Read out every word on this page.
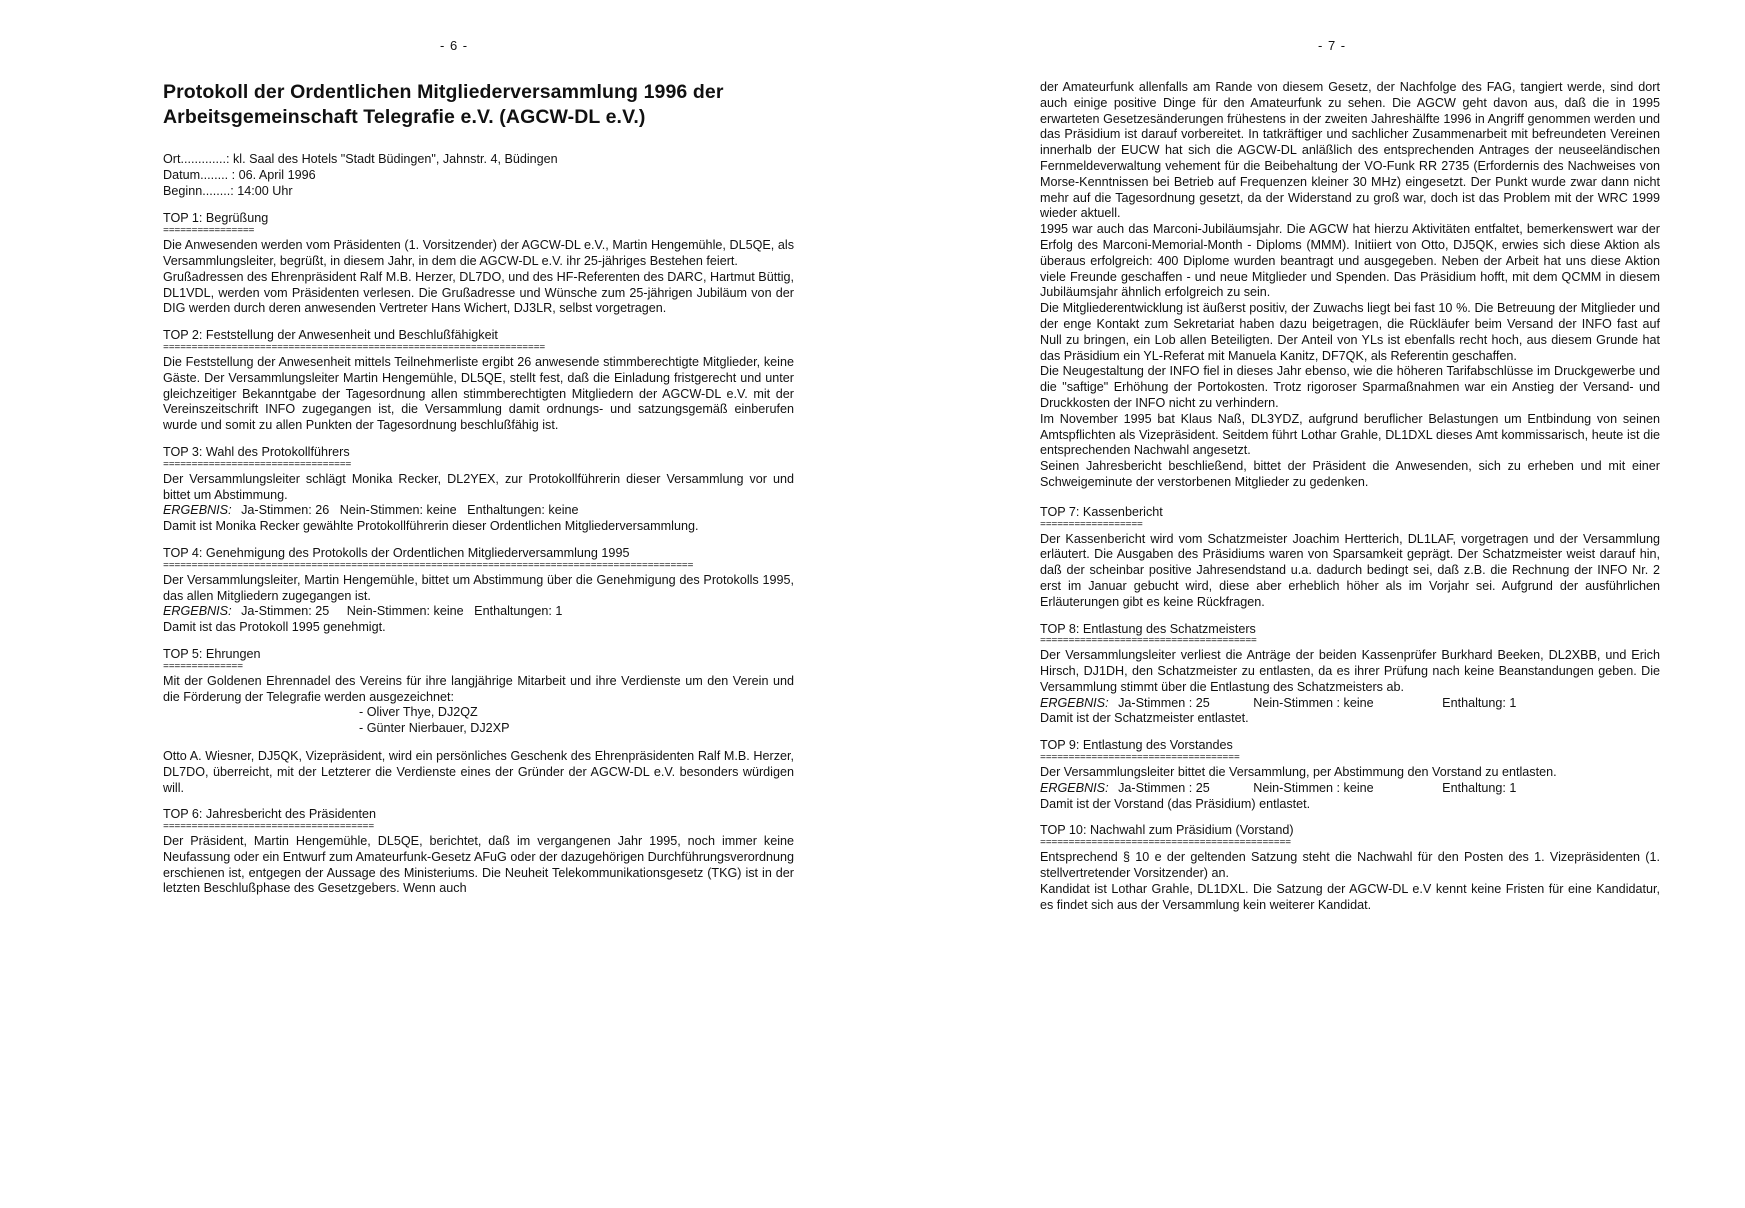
- 6 -	- 7 -
Protokoll der Ordentlichen Mitgliederversammlung 1996 der Arbeitsgemeinschaft Telegrafie e.V. (AGCW-DL e.V.)
Ort.............: kl. Saal des Hotels "Stadt Büdingen", Jahnstr. 4, Büdingen
Datum........ : 06. April 1996
Beginn........: 14:00 Uhr
TOP 1: Begrüßung
================

Die Anwesenden werden vom Präsidenten (1. Vorsitzender) der AGCW-DL e.V., Martin Hengemühle, DL5QE, als Versammlungsleiter, begrüßt, in diesem Jahr, in dem die AGCW-DL e.V. ihr 25-jähriges Bestehen feiert.

Grußadressen des Ehrenpräsident Ralf M.B. Herzer, DL7DO, und des HF-Referenten des DARC, Hartmut Büttig, DL1VDL, werden vom Präsidenten verlesen. Die Grußadresse und Wünsche zum 25-jährigen Jubiläum von der DIG werden durch deren anwesenden Vertreter Hans Wichert, DJ3LR, selbst vorgetragen.

TOP 2: Feststellung der Anwesenheit und Beschlußfähigkeit
===================================================================

Die Feststellung der Anwesenheit mittels Teilnehmerliste ergibt 26 anwesende stimmberechtigte Mitglieder, keine Gäste. Der Versammlungsleiter Martin Hengemühle, DL5QE, stellt fest, daß die Einladung fristgerecht und unter gleichzeitiger Bekanntgabe der Tagesordnung allen stimmberechtigten Mitgliedern der AGCW-DL e.V. mit der Vereinszeitschrift INFO zugegangen ist, die Versammlung damit ordnungs- und satzungsgemäß einberufen wurde und somit zu allen Punkten der Tagesordnung beschlußfähig ist.

TOP 3: Wahl des Protokollführers
=================================

Der Versammlungsleiter schlägt Monika Recker, DL2YEX, zur Protokollführerin dieser Versammlung vor und bittet um Abstimmung.

ERGEBNIS: Ja-Stimmen: 26 Nein-Stimmen: keine Enthaltungen: keine

Damit ist Monika Recker gewählte Protokollführerin dieser Ordentlichen Mitgliederversammlung.

TOP 4: Genehmigung des Protokolls der Ordentlichen Mitgliederversammlung 1995
=============================================================================================

Der Versammlungsleiter, Martin Hengemühle, bittet um Abstimmung über die Genehmigung des Protokolls 1995, das allen Mitgliedern zugegangen ist.

ERGEBNIS: Ja-Stimmen: 25 Nein-Stimmen: keine Enthaltungen: 1

Damit ist das Protokoll 1995 genehmigt.

TOP 5: Ehrungen
==============

Mit der Goldenen Ehrennadel des Vereins für ihre langjährige Mitarbeit und ihre Verdienste um den Verein und die Förderung der Telegrafie werden ausgezeichnet:

- Oliver Thye, DJ2QZ
- Günter Nierbauer, DJ2XP

Otto A. Wiesner, DJ5QK, Vizepräsident, wird ein persönliches Geschenk des Ehrenpräsidenten Ralf M.B. Herzer, DL7DO, überreicht, mit der Letzterer die Verdienste eines der Gründer der AGCW-DL e.V. besonders würdigen will.

TOP 6: Jahresbericht des Präsidenten
=====================================

Der Präsident, Martin Hengemühle, DL5QE, berichtet, daß im vergangenen Jahr 1995, noch immer keine Neufassung oder ein Entwurf zum Amateurfunk-Gesetz AFuG oder der dazugehörigen Durchführungsverordnung erschienen ist, entgegen der Aussage des Ministeriums. Die Neuheit Telekommunikationsgesetz (TKG) ist in der letzten Beschlußphase des Gesetzgebers. Wenn auch

der Amateurfunk allenfalls am Rande von diesem Gesetz, der Nachfolge des FAG, tangiert werde, sind dort auch einige positive Dinge für den Amateurfunk zu sehen. Die AGCW geht davon aus, daß die in 1995 erwarteten Gesetzesänderungen frühestens in der zweiten Jahreshälfte 1996 in Angriff genommen werden und das Präsidium ist darauf vorbereitet. In tatkräftiger und sachlicher Zusammenarbeit mit befreundeten Vereinen innerhalb der EUCW hat sich die AGCW-DL anläßlich des entsprechenden Antrages der neuseeländischen Fernmeldeverwaltung vehement für die Beibehaltung der VO-Funk RR 2735 (Erfordernis des Nachweises von Morse-Kenntnissen bei Betrieb auf Frequenzen kleiner 30 MHz) eingesetzt. Der Punkt wurde zwar dann nicht mehr auf die Tagesordnung gesetzt, da der Widerstand zu groß war, doch ist das Problem mit der WRC 1999 wieder aktuell.

1995 war auch das Marconi-Jubiläumsjahr. Die AGCW hat hierzu Aktivitäten entfaltet, bemerkenswert war der Erfolg des Marconi-Memorial-Month - Diploms (MMM). Initiiert von Otto, DJ5QK, erwies sich diese Aktion als überaus erfolgreich: 400 Diplome wurden beantragt und ausgegeben. Neben der Arbeit hat uns diese Aktion viele Freunde geschaffen - und neue Mitglieder und Spenden. Das Präsidium hofft, mit dem QCMM in diesem Jubiläumsjahr ähnlich erfolgreich zu sein.

Die Mitgliederentwicklung ist äußerst positiv, der Zuwachs liegt bei fast 10 %. Die Betreuung der Mitglieder und der enge Kontakt zum Sekretariat haben dazu beigetragen, die Rückläufer beim Versand der INFO fast auf Null zu bringen, ein Lob allen Beteiligten. Der Anteil von YLs ist ebenfalls recht hoch, aus diesem Grunde hat das Präsidium ein YL-Referat mit Manuela Kanitz, DF7QK, als Referentin geschaffen.

Die Neugestaltung der INFO fiel in dieses Jahr ebenso, wie die höheren Tarifabschlüsse im Druckgewerbe und die "saftige" Erhöhung der Portokosten. Trotz rigoroser Sparmaßnahmen war ein Anstieg der Versand- und Druckkosten der INFO nicht zu verhindern.

Im November 1995 bat Klaus Naß, DL3YDZ, aufgrund beruflicher Belastungen um Entbindung von seinen Amtspflichten als Vizepräsident. Seitdem führt Lothar Grahle, DL1DXL dieses Amt kommissarisch, heute ist die entsprechenden Nachwahl angesetzt.

Seinen Jahresbericht beschließend, bittet der Präsident die Anwesenden, sich zu erheben und mit einer Schweigeminute der verstorbenen Mitglieder zu gedenken.

TOP 7: Kassenbericht
==================

Der Kassenbericht wird vom Schatzmeister Joachim Hertterich, DL1LAF, vorgetragen und der Versammlung erläutert. Die Ausgaben des Präsidiums waren von Sparsamkeit geprägt. Der Schatzmeister weist darauf hin, daß der scheinbar positive Jahresendstand u.a. dadurch bedingt sei, daß z.B. die Rechnung der INFO Nr. 2 erst im Januar gebucht wird, diese aber erheblich höher als im Vorjahr sei. Aufgrund der ausführlichen Erläuterungen gibt es keine Rückfragen.

TOP 8: Entlastung des Schatzmeisters
======================================

Der Versammlungsleiter verliest die Anträge der beiden Kassenprüfer Burkhard Beeken, DL2XBB, und Erich Hirsch, DJ1DH, den Schatzmeister zu entlasten, da es ihrer Prüfung nach keine Beanstandungen geben. Die Versammlung stimmt über die Entlastung des Schatzmeisters ab.

ERGEBNIS: Ja-Stimmen : 25	Nein-Stimmen : keine	Enthaltung: 1

Damit ist der Schatzmeister entlastet.

TOP 9: Entlastung des Vorstandes
===================================

Der Versammlungsleiter bittet die Versammlung, per Abstimmung den Vorstand zu entlasten.

ERGEBNIS: Ja-Stimmen : 25	Nein-Stimmen : keine	Enthaltung: 1

Damit ist der Vorstand (das Präsidium) entlastet.

TOP 10: Nachwahl zum Präsidium (Vorstand)
============================================

Entsprechend § 10 e der geltenden Satzung steht die Nachwahl für den Posten des 1. Vizepräsidenten (1. stellvertretender Vorsitzender) an.

Kandidat ist Lothar Grahle, DL1DXL. Die Satzung der AGCW-DL e.V kennt keine Fristen für eine Kandidatur, es findet sich aus der Versammlung kein weiterer Kandidat.
